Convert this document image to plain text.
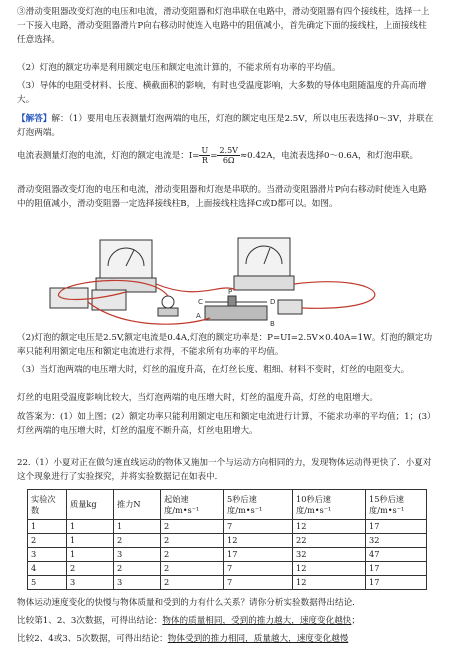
③滑动变阻器改变灯泡的电压和电流，滑动变阻器和灯泡串联在电路中，滑动变阻器有四个接线柱，选择一上一下接入电路，滑动变阻器滑片P向右移动时使连入电路中的阻值减小，首先确定下面的接线柱，上面接线柱任意选择。

（2）灯泡的额定功率是利用额定电压和额定电流计算的，不能求所有功率的平均值。

（3）导体的电阻受材料、长度、横截面积的影响，有时也受温度影响，大多数的导体电阻随温度的升高而增大。

【解答】解：（1）要用电压表测量灯泡两端的电压，灯泡的额定电压是2.5V，所以电压表选择0～3V，并联在灯泡两端。

电流表测量灯泡的电流，灯泡的额定电流是：$I= \frac{U}{R} = \frac{2.5V}{6\Omega} \approx 0.42A$，电流表选择0～0.6A，和灯泡串联。

滑动变阻器改变灯泡的电压和电流，滑动变阻器和灯泡是串联的。当滑动变阻器滑片P向右移动时使连入电路中的阻值减小，滑动变阻器一定选择接线柱B，上面接线柱选择C或D都可以。如图。

A
B
C	D
P

（2)灯泡的额定电压是2.5V,额定电流是0.4A,灯泡的额定功率是：P=UI=2.5V×0.40A=1W。灯泡的额定功率只能利用额定电压和额定电流进行求得，不能求所有功率的平均值。

（3）当灯泡两端的电压增大时，灯丝的温度升高，在灯丝长度、粗细、材料不变时，灯丝的电阻变大。

灯丝的电阻受温度影响比较大，当灯泡两端的电压增大时，灯丝的温度升高，灯丝的电阻增大。

故答案为：(1）如上图；(2）额定功率只能利用额定电压和额定电流进行计算，不能求功率的平均值；1；(3）灯丝两端的电压增大时，灯丝的温度不断升高，灯丝电阻增大。

22.（1）小夏对正在做匀速直线运动的物体又施加一个与运动方向相同的力，发现物体运动得更快了．小夏对这个现象进行了实验探究，并将实验数据记在如表中．

实验次数	质量kg	推力N	起始速度/m•s⁻¹	5秒后速度/m•s⁻¹	10秒后速度/m•s⁻¹	15秒后速度/m•s⁻¹
1	1	1	2	7	12	17
2	1	2	2	12	22	32
3	1	3	2	17	32	47
4	2	2	2	7	12	17
5	3	3	2	7	12	17

物体运动速度变化的快慢与物体质量和受到的力有什么关系？请你分析实验数据得出结论．

比较第1、2、3次数据，可得出结论：物体的质量相同，受到的推力越大，速度变化越快；

比较2、4或3、5次数据，可得出结论：物体受到的推力相同，质量越大，速度变化越慢
